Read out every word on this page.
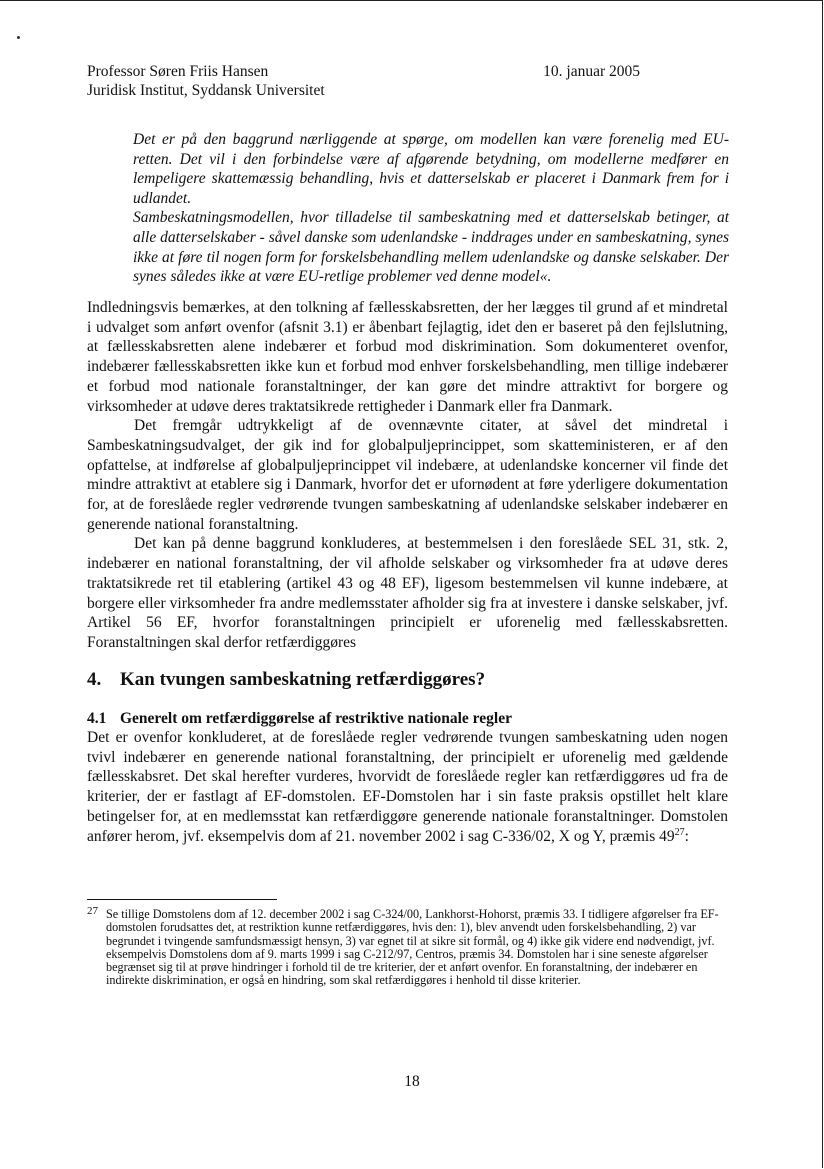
Professor Søren Friis Hansen
Juridisk Institut, Syddansk Universitet
10. januar 2005

Det er på den baggrund nærliggende at spørge, om modellen kan være forenelig med EU-retten. Det vil i den forbindelse være af afgørende betydning, om modellerne medfører en lempeligere skattemæssig behandling, hvis et datterselskab er placeret i Danmark frem for i udlandet.

Sambeskatningsmodellen, hvor tilladelse til sambeskatning med et datterselskab betinger, at alle datterselskaber - såvel danske som udenlandske - inddrages under en sambeskatning, synes ikke at føre til nogen form for forskelsbehandling mellem udenlandske og danske selskaber. Der synes således ikke at være EU-retlige problemer ved denne model«.

Indledningsvis bemærkes, at den tolkning af fællesskabsretten, der her lægges til grund af et mindretal i udvalget som anført ovenfor (afsnit 3.1) er åbenbart fejlagtig, idet den er baseret på den fejlslutning, at fællesskabsretten alene indebærer et forbud mod diskrimination. Som dokumenteret ovenfor, indebærer fællesskabsretten ikke kun et forbud mod enhver forskelsbehandling, men tillige indebærer et forbud mod nationale foranstaltninger, der kan gøre det mindre attraktivt for borgere og virksomheder at udøve deres traktatsikrede rettigheder i Danmark eller fra Danmark.

Det fremgår udtrykkeligt af de ovennævnte citater, at såvel det mindretal i Sambeskatningsudvalget, der gik ind for globalpuljeprincippet, som skatteministeren, er af den opfattelse, at indførelse af globalpuljeprincippet vil indebære, at udenlandske koncerner vil finde det mindre attraktivt at etablere sig i Danmark, hvorfor det er ufornødent at føre yderligere dokumentation for, at de foreslåede regler vedrørende tvungen sambeskatning af udenlandske selskaber indebærer en generende national foranstaltning.

Det kan på denne baggrund konkluderes, at bestemmelsen i den foreslåede SEL 31, stk. 2, indebærer en national foranstaltning, der vil afholde selskaber og virksomheder fra at udøve deres traktatsikrede ret til etablering (artikel 43 og 48 EF), ligesom bestemmelsen vil kunne indebære, at borgere eller virksomheder fra andre medlemsstater afholder sig fra at investere i danske selskaber, jvf. Artikel 56 EF, hvorfor foranstaltningen principielt er uforenelig med fællesskabsretten. Foranstaltningen skal derfor retfærdiggøres

4. Kan tvungen sambeskatning retfærdiggøres?
4.1 Generelt om retfærdiggørelse af restriktive nationale regler

Det er ovenfor konkluderet, at de foreslåede regler vedrørende tvungen sambeskatning uden nogen tvivl indebærer en generende national foranstaltning, der principielt er uforenelig med gældende fællesskabsret. Det skal herefter vurderes, hvorvidt de foreslåede regler kan retfærdiggøres ud fra de kriterier, der er fastlagt af EF-domstolen. EF-Domstolen har i sin faste praksis opstillet helt klare betingelser for, at en medlemsstat kan retfærdiggøre generende nationale foranstaltninger. Domstolen anfører herom, jvf. eksempelvis dom af 21. november 2002 i sag C-336/02, X og Y, præmis $49^{27}$:

27 Se tillige Domstolens dom af 12. december 2002 i sag C-324/00, Lankhorst-Hohorst, præmis 33. I tidligere afgørelser fra EF-domstolen forudsattes det, at restriktion kunne retfærdiggøres, hvis den: 1), blev anvendt uden forskelsbehandling, 2) var begrundet i tvingende samfundsmæssigt hensyn, 3) var egnet til at sikre sit formål, og 4) ikke gik videre end nødvendigt, jvf. eksempelvis Domstolens dom af 9. marts 1999 i sag C-212/97, Centros, præmis 34. Domstolen har i sine seneste afgørelser begrænset sig til at prøve hindringer i forhold til de tre kriterier, der et anført ovenfor. En foranstaltning, der indebærer en indirekte diskrimination, er også en hindring, som skal retfærdiggøres i henhold til disse kriterier.
18
